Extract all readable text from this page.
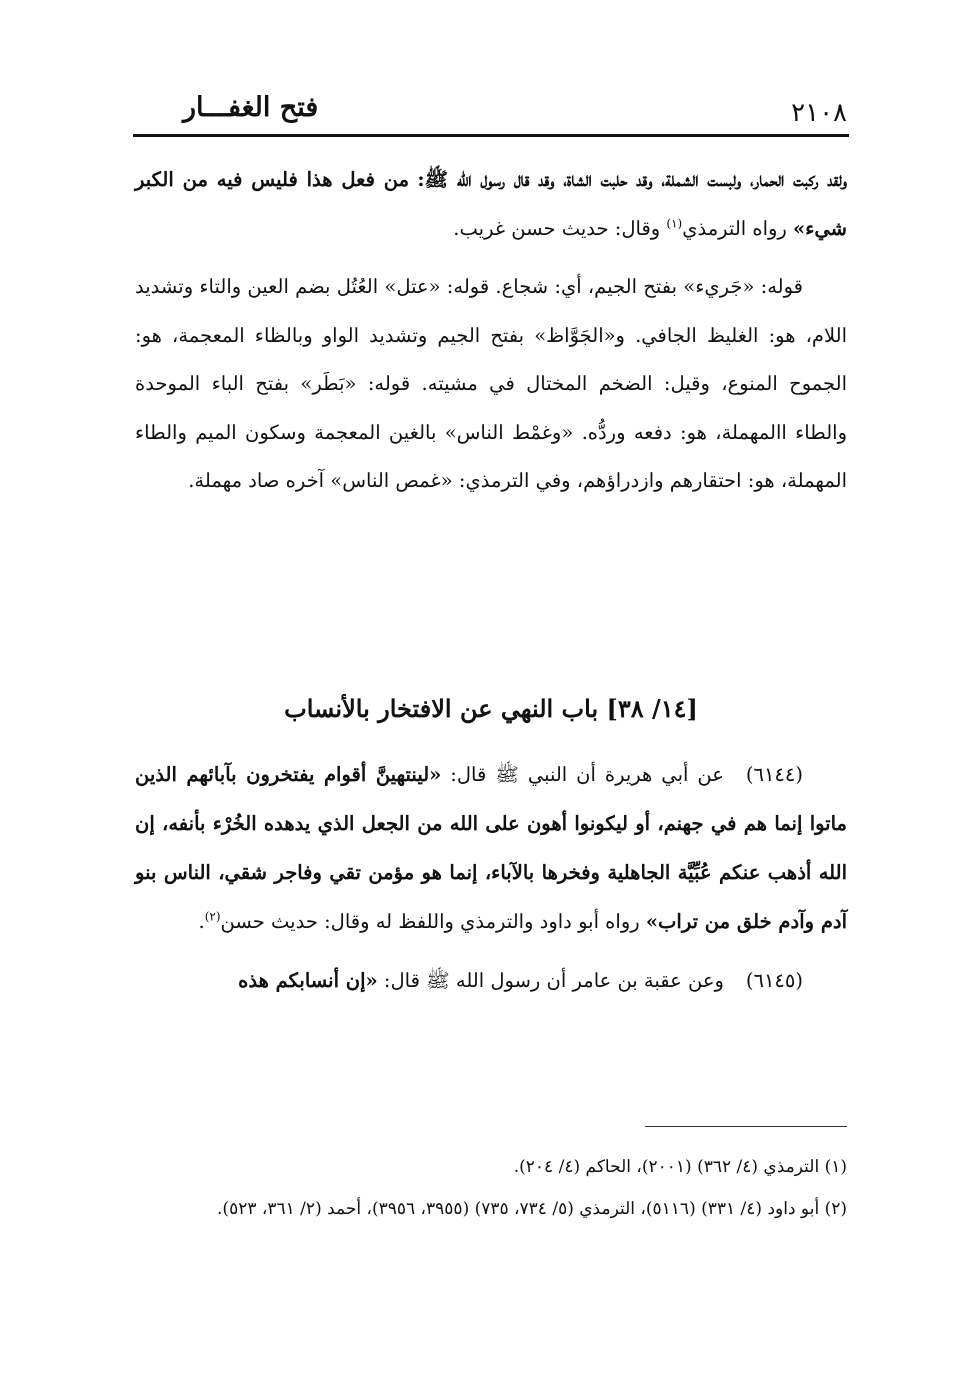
٢١٠٨
فتح الغفـــار

ولقد ركبت الحمار، ولبست الشملة، وقد حلبت الشاة، وقد قال رسول الله ﷺ: من فعل هذا فليس فيه من الكبر شيء» رواه الترمذي$^{(١)}$ وقال: حديث حسن غريب.

قوله: «جَريء» بفتح الجيم، أي: شجاع. قوله: «عتل» العُتُل بضم العين والتاء وتشديد اللام، هو: الغليظ الجافي. و«الجَوَّاظ» بفتح الجيم وتشديد الواو وبالظاء المعجمة، هو: الجموح المنوع، وقيل: الضخم المختال في مشيته. قوله: «بَطَر» بفتح الباء الموحدة والطاء االمهملة، هو: دفعه وردُّه. «وغمْط الناس» بالغين المعجمة وسكون الميم والطاء المهملة، هو: احتقارهم وازدراؤهم، وفي الترمذي: «غمص الناس» آخره صاد مهملة.

[١٤/ ٣٨] باب النهي عن الافتخار بالأنساب

(٦١٤٤)عن أبي هريرة أن النبي ﷺ قال: «لينتهينَّ أقوام يفتخرون بآبائهم الذين ماتوا إنما هم في جهنم، أو ليكونوا أهون على الله من الجعل الذي يدهده الخُرْء بأنفه، إن الله أذهب عنكم عُبِّيَّة الجاهلية وفخرها بالآباء، إنما هو مؤمن تقي وفاجر شقي، الناس بنو آدم وآدم خلق من تراب» رواه أبو داود والترمذي واللفظ له وقال: حديث حسن$^{(٢)}$.

(٦١٤٥)وعن عقبة بن عامر أن رسول الله ﷺ قال: «إن أنسابكم هذه

(١) الترمذي (٤/ ٣٦٢) (٢٠٠١)، الحاكم (٤/ ٢٠٤).

(٢) أبو داود (٤/ ٣٣١) (٥١١٦)، الترمذي (٥/ ٧٣٤، ٧٣٥) (٣٩٥٥، ٣٩٥٦)، أحمد (٢/ ٣٦١، ٥٢٣).
